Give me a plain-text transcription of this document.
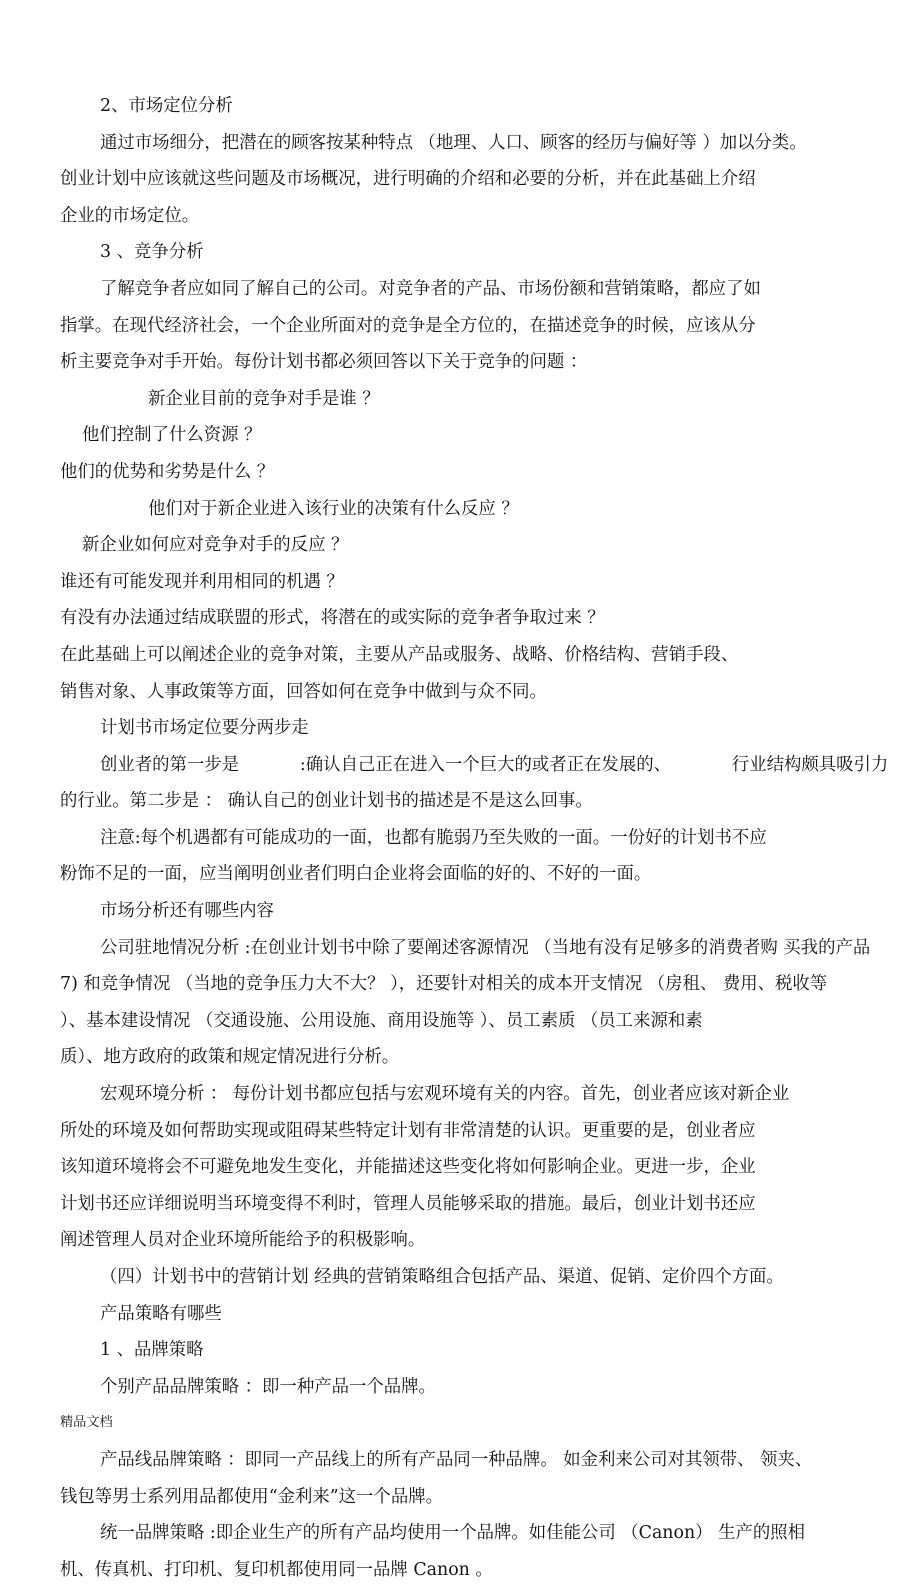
2、市场定位分析
通过市场细分，把潜在的顾客按某种特点 （地理、人口、顾客的经历与偏好等 ）加以分类。
创业计划中应该就这些问题及市场概况，进行明确的介绍和必要的分析，并在此基础上介绍
企业的市场定位。
3 、竞争分析
了解竞争者应如同了解自己的公司。对竞争者的产品、市场份额和营销策略，都应了如
指掌。在现代经济社会，一个企业所面对的竞争是全方位的，在描述竞争的时候，应该从分
析主要竞争对手开始。每份计划书都必须回答以下关于竞争的问题 ：
新企业目前的竞争对手是谁 ？
他们控制了什么资源 ？
他们的优势和劣势是什么 ？
他们对于新企业进入该行业的决策有什么反应 ？
新企业如何应对竞争对手的反应 ？
谁还有可能发现并利用相同的机遇 ？
有没有办法通过结成联盟的形式，将潜在的或实际的竞争者争取过来 ？
在此基础上可以阐述企业的竞争对策，主要从产品或服务、战略、价格结构、营销手段、
销售对象、人事政策等方面，回答如何在竞争中做到与众不同。
计划书市场定位要分两步走
创业者的第一步是           :确认自己正在进入一个巨大的或者正在发展的、           行业结构颇具吸引力
的行业。第二步是 ： 确认自己的创业计划书的描述是不是这么回事。
注意:每个机遇都有可能成功的一面，也都有脆弱乃至失败的一面。一份好的计划书不应
粉饰不足的一面，应当阐明创业者们明白企业将会面临的好的、不好的一面。
市场分析还有哪些内容
公司驻地情况分析 :在创业计划书中除了要阐述客源情况 （当地有没有足够多的消费者购 买我的产品
7) 和竞争情况 （当地的竞争压力大不大？ ），还要针对相关的成本开支情况 （房租、 费用、税收等
）、基本建设情况 （交通设施、公用设施、商用设施等 ）、员工素质 （员工来源和素
质）、地方政府的政策和规定情况进行分析。
宏观环境分析 ： 每份计划书都应包括与宏观环境有关的内容。首先，创业者应该对新企业
所处的环境及如何帮助实现或阻碍某些特定计划有非常清楚的认识。更重要的是，创业者应
该知道环境将会不可避免地发生变化，并能描述这些变化将如何影响企业。更进一步，企业
计划书还应详细说明当环境变得不利时，管理人员能够采取的措施。最后，创业计划书还应
阐述管理人员对企业环境所能给予的积极影响。
（四）计划书中的营销计划 经典的营销策略组合包括产品、渠道、促销、定价四个方面。
产品策略有哪些
1 、品牌策略
个别产品品牌策略 ：即一种产品一个品牌。
精品文档
产品线品牌策略 ：即同一产品线上的所有产品同一种品牌。 如金利来公司对其领带、 领夹、
钱包等男士系列用品都使用“金利来”这一个品牌。
统一品牌策略 :即企业生产的所有产品均使用一个品牌。如佳能公司 （Canon） 生产的照相
机、传真机、打印机、复印机都使用同一品牌 Canon 。
